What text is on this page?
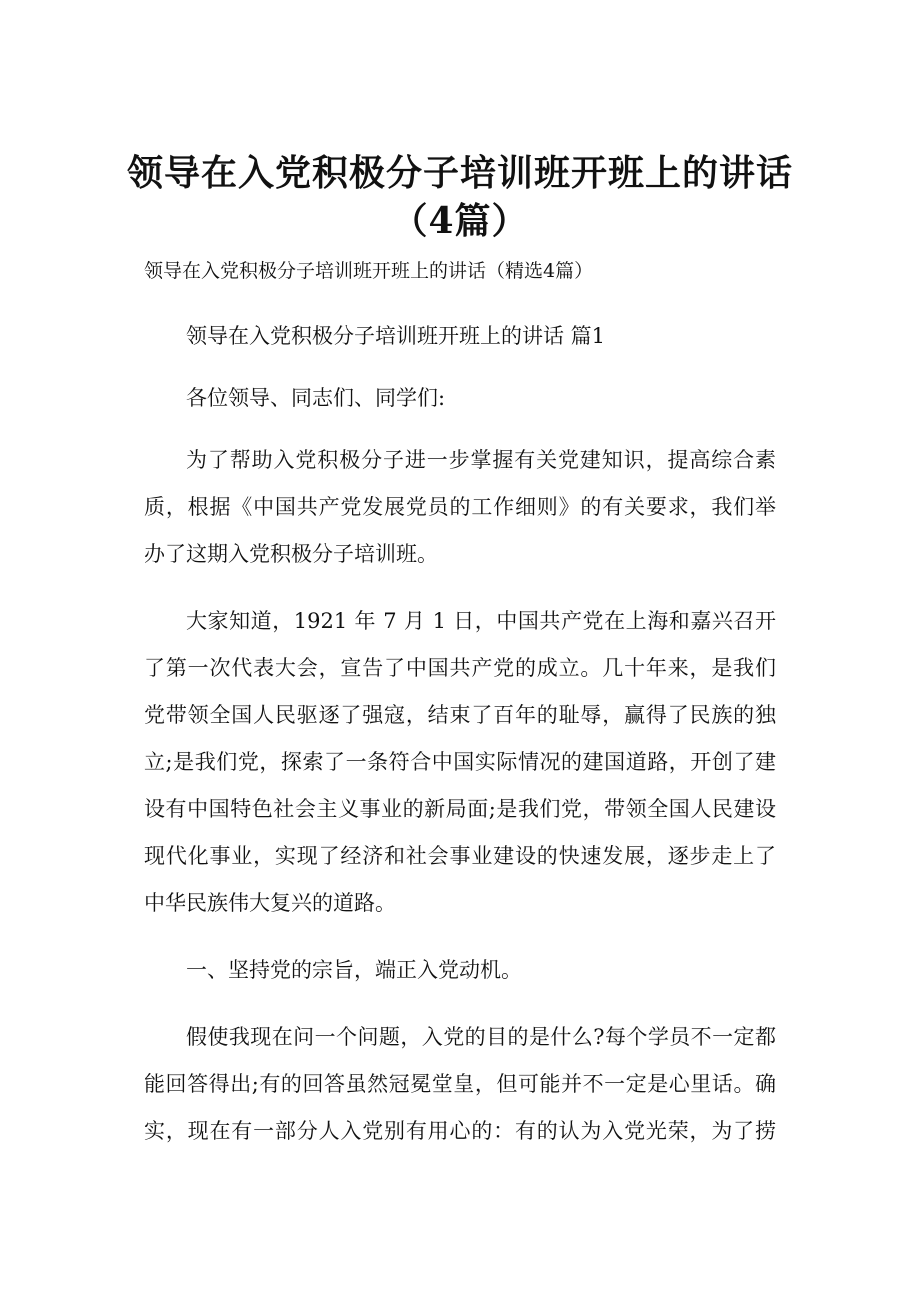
领导在入党积极分子培训班开班上的讲话
（4篇）
领导在入党积极分子培训班开班上的讲话（精选4篇）
领导在入党积极分子培训班开班上的讲话 篇1
各位领导、同志们、同学们:
为了帮助入党积极分子进一步掌握有关党建知识，提高综合素
质，根据《中国共产党发展党员的工作细则》的有关要求，我们举
办了这期入党积极分子培训班。
大家知道，1921 年 7 月 1 日，中国共产党在上海和嘉兴召开
了第一次代表大会，宣告了中国共产党的成立。几十年来，是我们
党带领全国人民驱逐了强寇，结束了百年的耻辱，赢得了民族的独
立;是我们党，探索了一条符合中国实际情况的建国道路，开创了建
设有中国特色社会主义事业的新局面;是我们党，带领全国人民建设
现代化事业，实现了经济和社会事业建设的快速发展，逐步走上了
中华民族伟大复兴的道路。
一、坚持党的宗旨，端正入党动机。
假使我现在问一个问题，入党的目的是什么?每个学员不一定都
能回答得出;有的回答虽然冠冕堂皇，但可能并不一定是心里话。确
实，现在有一部分人入党别有用心的：有的认为入党光荣，为了捞
